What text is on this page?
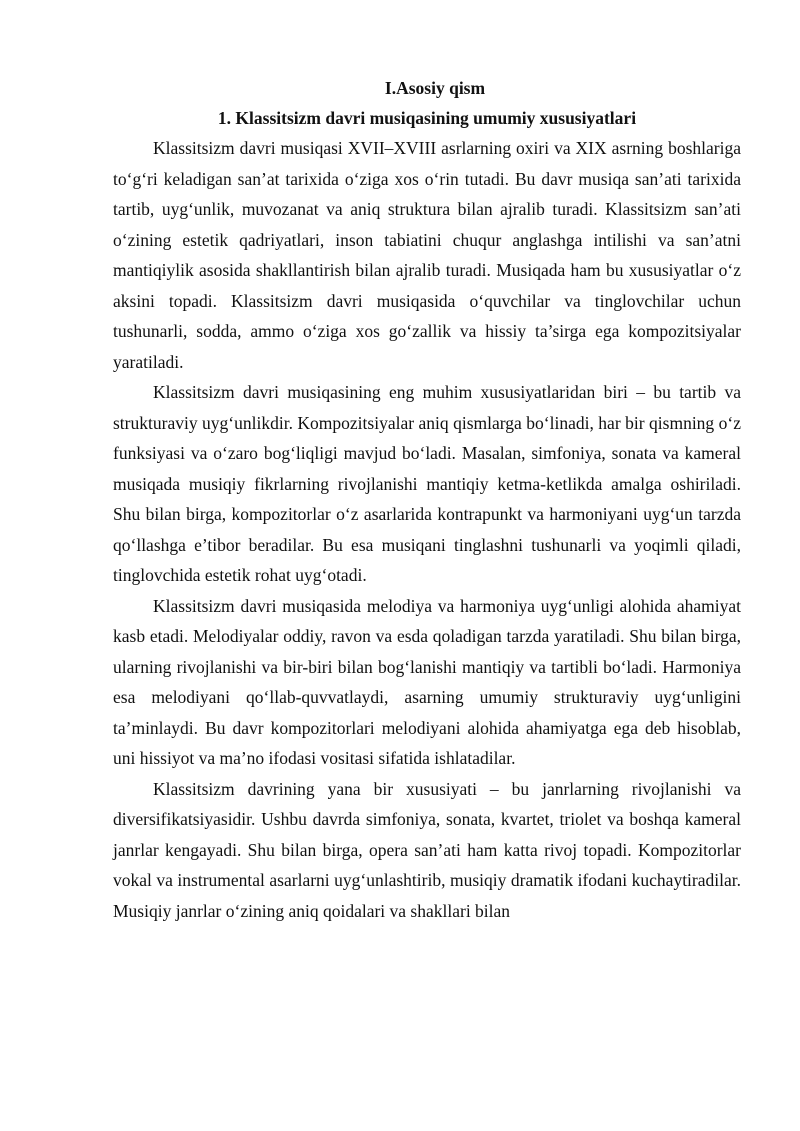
I.Asosiy qism
1. Klassitsizm davri musiqasining umumiy xususiyatlari

Klassitsizm davri musiqasi XVII–XVIII asrlarning oxiri va XIX asrning boshlariga to‘g‘ri keladigan san’at tarixida o‘ziga xos o‘rin tutadi. Bu davr musiqa san’ati tarixida tartib, uyg‘unlik, muvozanat va aniq struktura bilan ajralib turadi. Klassitsizm san’ati o‘zining estetik qadriyatlari, inson tabiatini chuqur anglashga intilishi va san’atni mantiqiylik asosida shakllantirish bilan ajralib turadi. Musiqada ham bu xususiyatlar o‘z aksini topadi. Klassitsizm davri musiqasida o‘quvchilar va tinglovchilar uchun tushunarli, sodda, ammo o‘ziga xos go‘zallik va hissiy ta’sirga ega kompozitsiyalar yaratiladi.

Klassitsizm davri musiqasining eng muhim xususiyatlaridan biri – bu tartib va strukturaviy uyg‘unlikdir. Kompozitsiyalar aniq qismlarga bo‘linadi, har bir qismning o‘z funksiyasi va o‘zaro bog‘liqligi mavjud bo‘ladi. Masalan, simfoniya, sonata va kameral musiqada musiqiy fikrlarning rivojlanishi mantiqiy ketma-ketlikda amalga oshiriladi. Shu bilan birga, kompozitorlar o‘z asarlarida kontrapunkt va harmoniyani uyg‘un tarzda qo‘llashga e’tibor beradilar. Bu esa musiqani tinglashni tushunarli va yoqimli qiladi, tinglovchida estetik rohat uyg‘otadi.

Klassitsizm davri musiqasida melodiya va harmoniya uyg‘unligi alohida ahamiyat kasb etadi. Melodiyalar oddiy, ravon va esda qoladigan tarzda yaratiladi. Shu bilan birga, ularning rivojlanishi va bir-biri bilan bog‘lanishi mantiqiy va tartibli bo‘ladi. Harmoniya esa melodiyani qo‘llab-quvvatlaydi, asarning umumiy strukturaviy uyg‘unligini ta’minlaydi. Bu davr kompozitorlari melodiyani alohida ahamiyatga ega deb hisoblab, uni hissiyot va ma’no ifodasi vositasi sifatida ishlatadilar.

Klassitsizm davrining yana bir xususiyati – bu janrlarning rivojlanishi va diversifikatsiyasidir. Ushbu davrda simfoniya, sonata, kvartet, triolet va boshqa kameral janrlar kengayadi. Shu bilan birga, opera san’ati ham katta rivoj topadi. Kompozitorlar vokal va instrumental asarlarni uyg‘unlashtirib, musiqiy dramatik ifodani kuchaytiradilar. Musiqiy janrlar o‘zining aniq qoidalari va shakllari bilan
